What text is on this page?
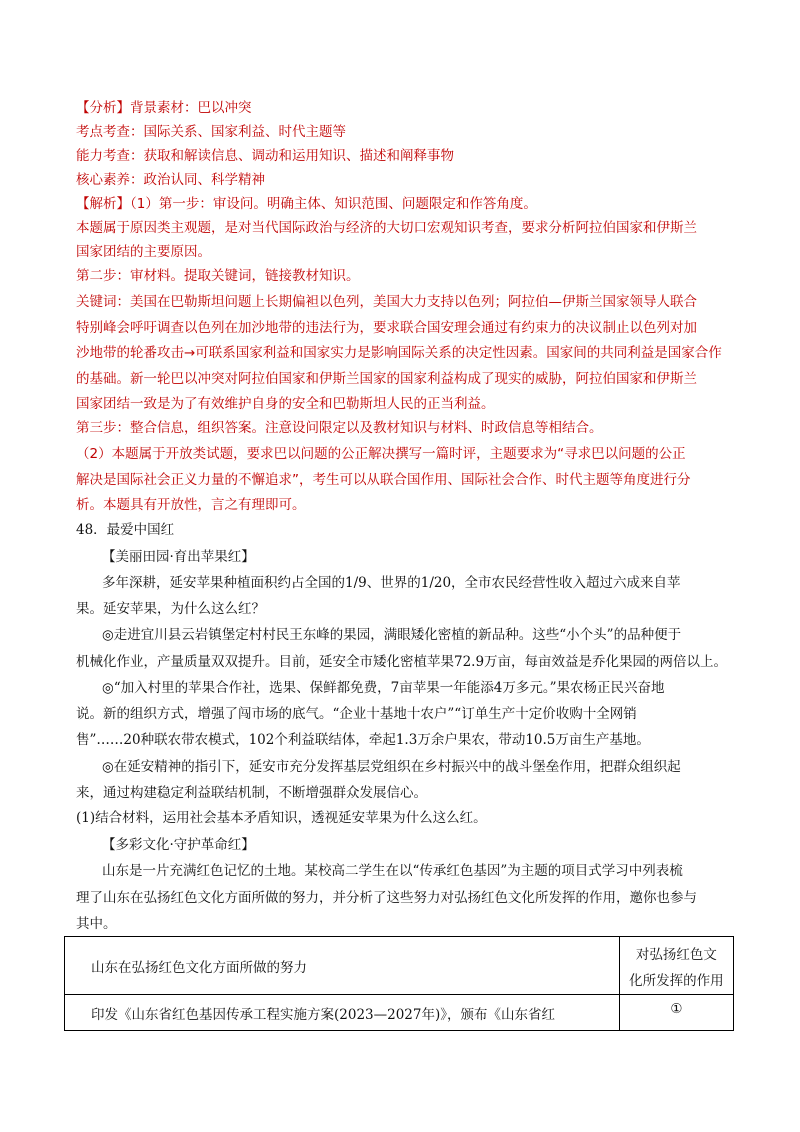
【分析】背景素材：巴以冲突
考点考查：国际关系、国家利益、时代主题等
能力考查：获取和解读信息、调动和运用知识、描述和阐释事物
核心素养：政治认同、科学精神
【解析】（1）第一步：审设问。明确主体、知识范围、问题限定和作答角度。
本题属于原因类主观题，是对当代国际政治与经济的大切口宏观知识考查，要求分析阿拉伯国家和伊斯兰
国家团结的主要原因。
第二步：审材料。提取关键词，链接教材知识。
关键词：美国在巴勒斯坦问题上长期偏袒以色列，美国大力支持以色列；阿拉伯—伊斯兰国家领导人联合
特别峰会呼吁调查以色列在加沙地带的违法行为，要求联合国安理会通过有约束力的决议制止以色列对加
沙地带的轮番攻击→可联系国家利益和国家实力是影响国际关系的决定性因素。国家间的共同利益是国家合作
的基础。新一轮巴以冲突对阿拉伯国家和伊斯兰国家的国家利益构成了现实的威胁，阿拉伯国家和伊斯兰
国家团结一致是为了有效维护自身的安全和巴勒斯坦人民的正当利益。
第三步：整合信息，组织答案。注意设问限定以及教材知识与材料、时政信息等相结合。
（2）本题属于开放类试题，要求巴以问题的公正解决撰写一篇时评，主题要求为“寻求巴以问题的公正
解决是国际社会正义力量的不懈追求”，考生可以从联合国作用、国际社会合作、时代主题等角度进行分
析。本题具有开放性，言之有理即可。
48．最爱中国红
【美丽田园·育出苹果红】
多年深耕，延安苹果种植面积约占全国的1/9、世界的1/20，全市农民经营性收入超过六成来自苹
果。延安苹果，为什么这么红？
◎走进宜川县云岩镇堡定村村民王东峰的果园，满眼矮化密植的新品种。这些“小个头”的品种便于
机械化作业，产量质量双双提升。目前，延安全市矮化密植苹果72.9万亩，每亩效益是乔化果园的两倍以上。
◎“加入村里的苹果合作社，选果、保鲜都免费，7亩苹果一年能添4万多元。”果农杨正民兴奋地
说。新的组织方式，增强了闯市场的底气。“企业十基地十农户”“订单生产十定价收购十全网销
售”……20种联农带农模式，102个利益联结体，牵起1.3万余户果农，带动10.5万亩生产基地。
◎在延安精神的指引下，延安市充分发挥基层党组织在乡村振兴中的战斗堡垒作用，把群众组织起
来，通过构建稳定利益联结机制，不断增强群众发展信心。
(1)结合材料，运用社会基本矛盾知识，透视延安苹果为什么这么红。
【多彩文化·守护革命红】
山东是一片充满红色记忆的土地。某校高二学生在以“传承红色基因”为主题的项目式学习中列表梳
理了山东在弘扬红色文化方面所做的努力，并分析了这些努力对弘扬红色文化所发挥的作用，邀你也参与
其中。
山东在弘扬红色文化方面所做的努力	对弘扬红色文
化所发挥的作用

印发《山东省红色基因传承工程实施方案(2023—2027年)》，颁布《山东省红	①
